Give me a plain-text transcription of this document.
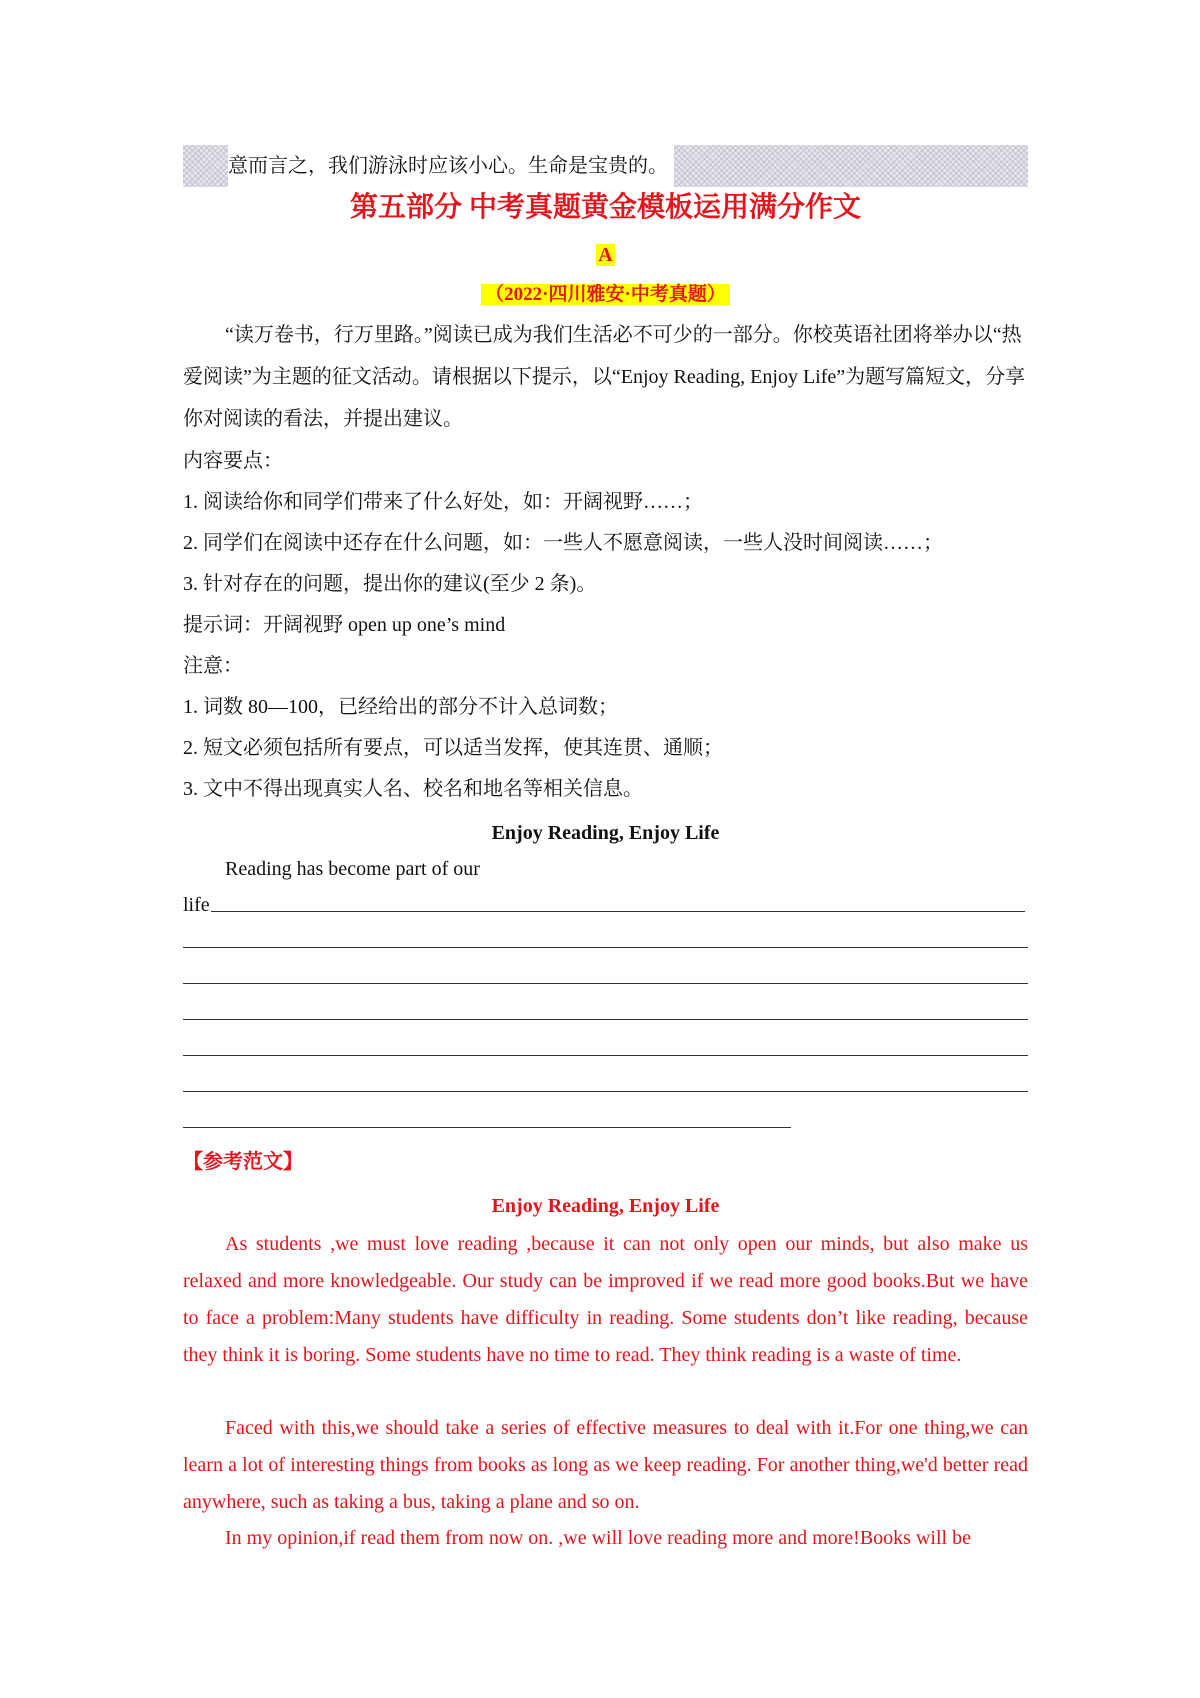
意而言之，我们游泳时应该小心。生命是宝贵的。
第五部分 中考真题黄金模板运用满分作文
A
（2022·四川雅安·中考真题）
“读万卷书，行万里路。”阅读已成为我们生活必不可少的一部分。你校英语社团将举办以“热爱阅读”为主题的征文活动。请根据以下提示，以“Enjoy Reading, Enjoy Life”为题写篇短文，分享你对阅读的看法，并提出建议。
内容要点：
1. 阅读给你和同学们带来了什么好处，如：开阔视野……；
2. 同学们在阅读中还存在什么问题，如：一些人不愿意阅读，一些人没时间阅读……；
3. 针对存在的问题，提出你的建议(至少 2 条)。
提示词：开阔视野 open up one’s mind
注意：
1. 词数 80—100，已经给出的部分不计入总词数；
2. 短文必须包括所有要点，可以适当发挥，使其连贯、通顺；
3. 文中不得出现真实人名、校名和地名等相关信息。
Enjoy Reading, Enjoy Life
Reading has become part of our
life
【参考范文】
Enjoy Reading, Enjoy Life
As students ,we must love reading ,because it can not only open our minds, but also make us relaxed and more knowledgeable. Our study can be improved if we read more good books.But we have to face a problem:Many students have difficulty in reading. Some students don’t like reading, because they think it is boring. Some students have no time to read. They think reading is a waste of time.
Faced with this,we should take a series of effective measures to deal with it.For one thing,we can learn a lot of interesting things from books as long as we keep reading. For another thing,we'd better read anywhere, such as taking a bus, taking a plane and so on.
In my opinion,if read them from now on. ,we will love reading more and more!Books will be
